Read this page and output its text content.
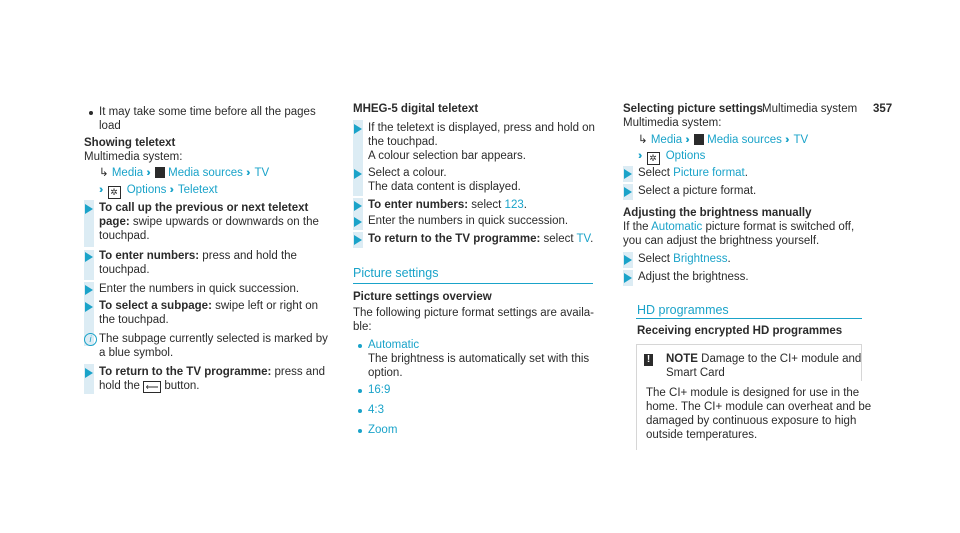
Multimedia system 357
It may take some time before all the pages
load
Showing teletext
Multimedia system:
↳ Media ›› Media sources ›› TV
›› ✲ Options ›› Teletext
To call up the previous or next teletext
page: swipe upwards or downwards on the
touchpad.
To enter numbers: press and hold the
touchpad.
Enter the numbers in quick succession.
To select a subpage: swipe left or right on
the touchpad.
i The subpage currently selected is marked by
a blue symbol.
To return to the TV programme: press and
hold the ⟵ button.
MHEG-5 digital teletext
If the teletext is displayed, press and hold on
the touchpad.
A colour selection bar appears.
Select a colour.
The data content is displayed.
To enter numbers: select 123.
Enter the numbers in quick succession.
To return to the TV programme: select TV.
Picture settings
Picture settings overview
The following picture format settings are availa-
ble:
Automatic
The brightness is automatically set with this
option.
16:9
4:3
Zoom
Selecting picture settings
Multimedia system:
↳ Media ›› Media sources ›› TV
›› ✲ Options
Select Picture format.
Select a picture format.
Adjusting the brightness manually
If the Automatic picture format is switched off,
you can adjust the brightness yourself.
Select Brightness.
Adjust the brightness.
HD programmes
Receiving encrypted HD programmes
! NOTE Damage to the CI+ module and
Smart Card
The CI+ module is designed for use in the
home. The CI+ module can overheat and be
damaged by continuous exposure to high
outside temperatures.
